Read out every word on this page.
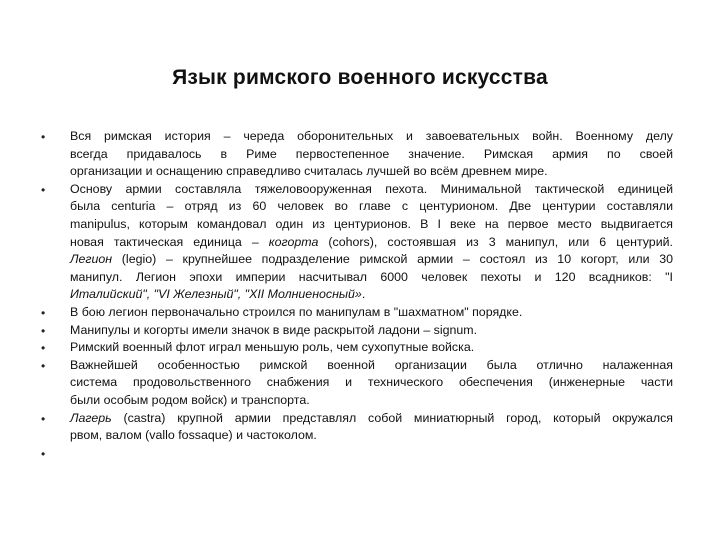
Язык римского военного искусства
• Вся римская история – череда оборонительных и завоевательных войн. Военному делу
всегда придавалось в Риме первостепенное значение. Римская армия по своей
организации и оснащению справедливо считалась лучшей во всём древнем мире.
• Основу армии составляла тяжеловооруженная пехота. Минимальной тактической единицей
была centuria – отряд из 60 человек во главе с центурионом. Две центурии составляли
manipulus, которым командовал один из центурионов. В I веке на первое место выдвигается
новая тактическая единица – когорта (cohors), состоявшая из 3 манипул, или 6 центурий.
Легион (legio) – крупнейшее подразделение римской армии – состоял из 10 когорт, или 30
манипул. Легион эпохи империи насчитывал 6000 человек пехоты и 120 всадников: "I
Италийский", "VI Железный", "XII Молниеносный».
• В бою легион первоначально строился по манипулам в "шахматном" порядке.
• Манипулы и когорты имели значок в виде раскрытой ладони – signum.
• Римский военный флот играл меньшую роль, чем сухопутные войска.
• Важнейшей особенностью римской военной организации была отлично налаженная
система продовольственного снабжения и технического обеспечения (инженерные части
были особым родом войск) и транспорта.
• Лагерь (castra) крупной армии представлял собой миниатюрный город, который окружался
рвом, валом (vallo fossaque) и частоколом.
•
